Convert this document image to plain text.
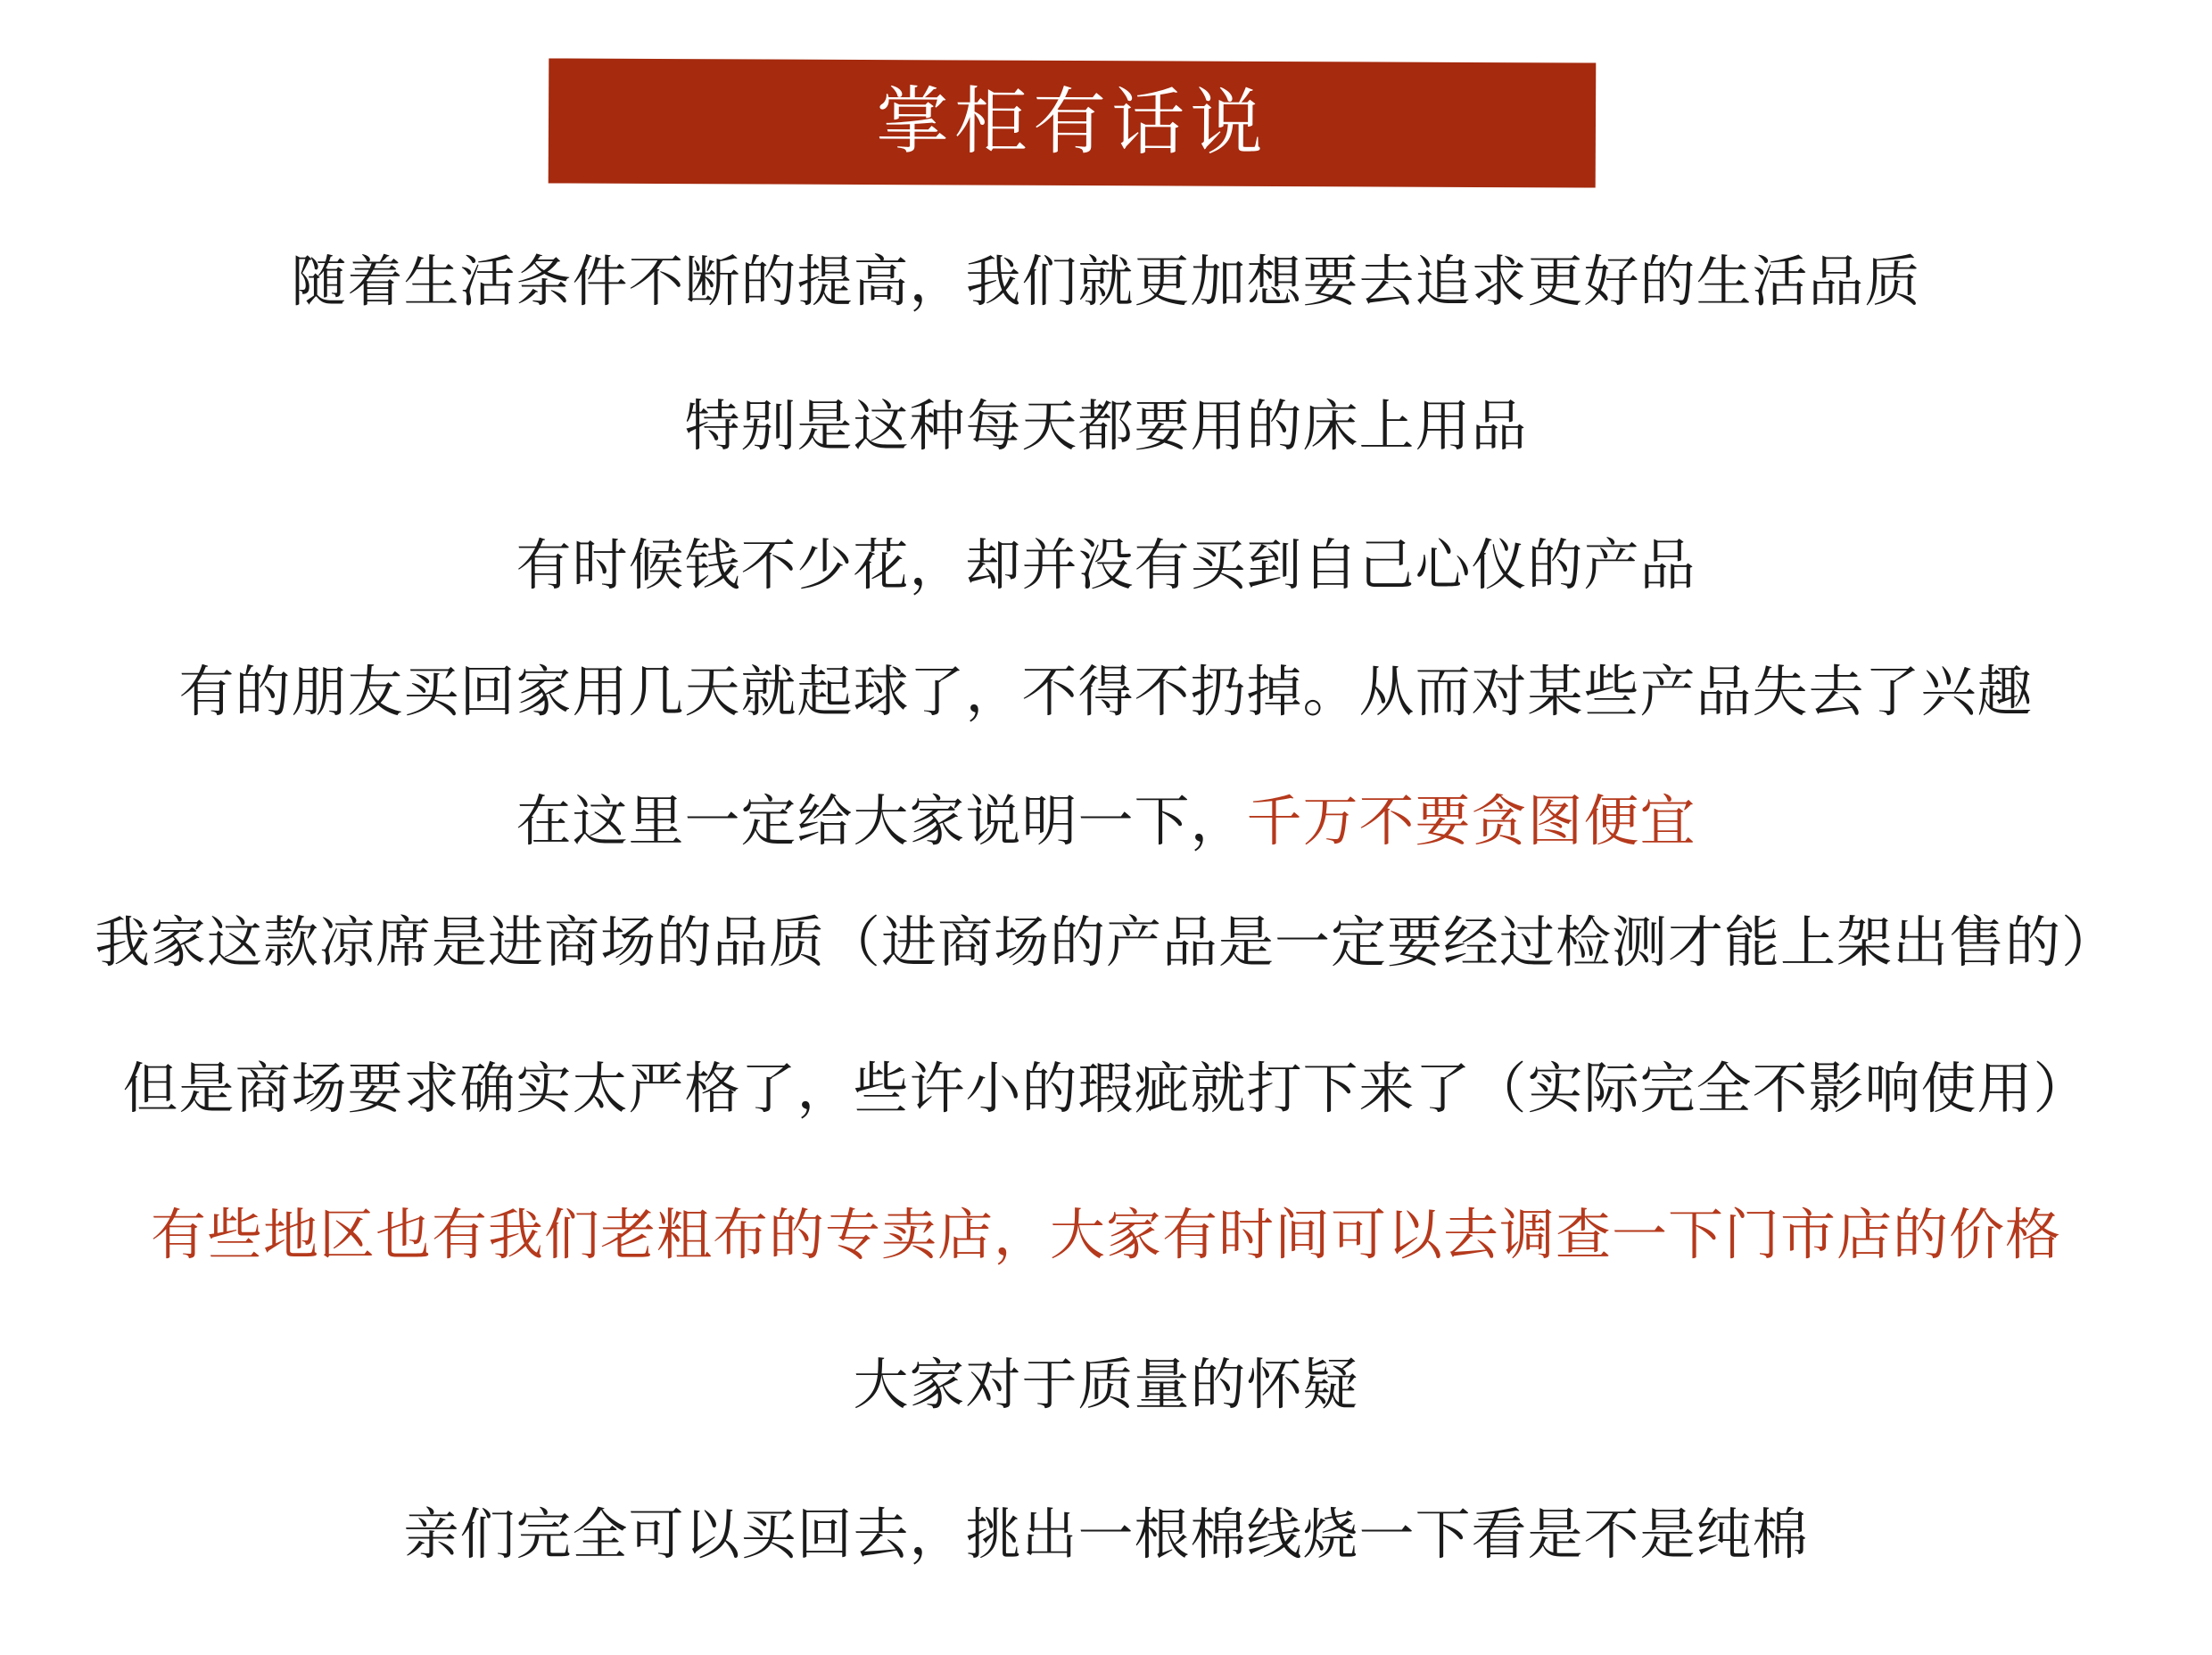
掌柜有话说
随着生活条件不断的提高，我们就更加想要去追求更好的生活品质
特别是这种每天都要用的床上用品
有时候钱不少花，却并没有买到自己心仪的产品
有的朋友买回家用几天就起球了，不得不扔掉。从而对某些产品失去了兴趣
在这里一定给大家说明一下，千万不要贪图便宜
我家这款凉席是进商场的品质（进商场的产品是一定要经过检测才能上架出售的）
但是商场要求确实太严格了，些许小的瑕疵就打下来了（实际完全不影响使用）
有些地区也有我们老粗布的专卖店，大家有时间可以去调查一下门市店的价格
大家对于质量的怀疑
亲们完全可以买回去，挑出一根棉线烧一下看是不是纯棉
